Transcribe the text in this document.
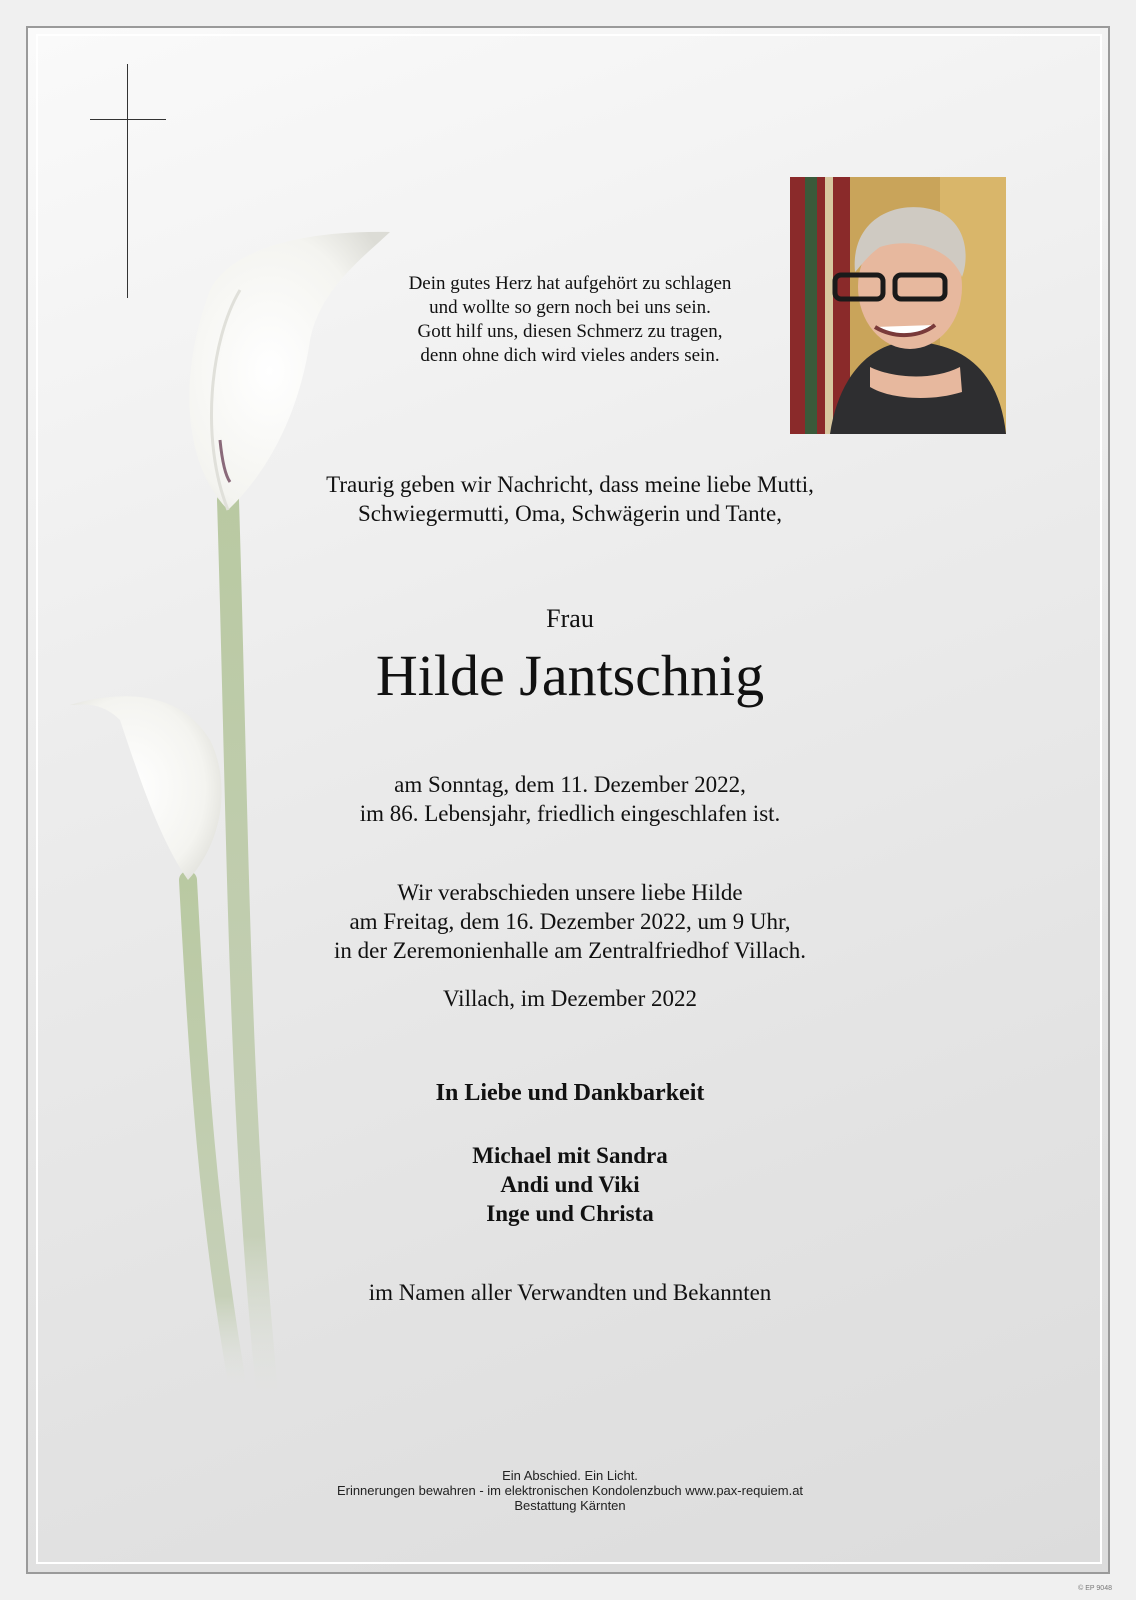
Dein gutes Herz hat aufgehört zu schlagen
und wollte so gern noch bei uns sein.
Gott hilf uns, diesen Schmerz zu tragen,
denn ohne dich wird vieles anders sein.
Traurig geben wir Nachricht, dass meine liebe Mutti,
Schwiegermutti, Oma, Schwägerin und Tante,
Frau
Hilde Jantschnig
am Sonntag, dem 11. Dezember 2022,
im 86. Lebensjahr, friedlich eingeschlafen ist.
Wir verabschieden unsere liebe Hilde
am Freitag, dem 16. Dezember 2022, um 9 Uhr,
in der Zeremonienhalle am Zentralfriedhof Villach.
Villach, im Dezember 2022
In Liebe und Dankbarkeit
Michael mit Sandra
Andi und Viki
Inge und Christa
im Namen aller Verwandten und Bekannten
Ein Abschied. Ein Licht.
Erinnerungen bewahren - im elektronischen Kondolenzbuch www.pax-requiem.at
Bestattung Kärnten
© EP 9048
